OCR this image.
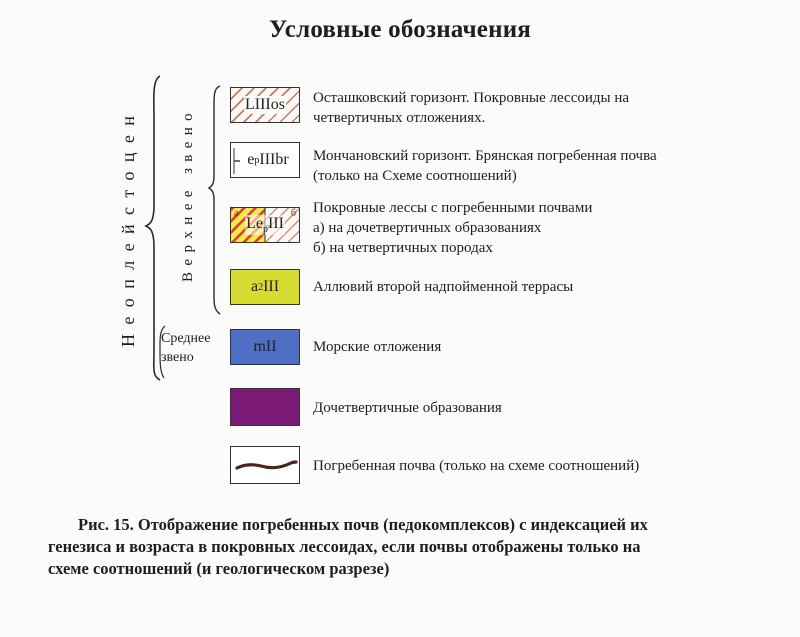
Условные обозначения
Неоплейстоцен	Верхнее звено
Среднее
звено
LIIIos Осташковский горизонт. Покровные лессоиды на
четвертичных отложениях.
e p IIIbr Мончановский горизонт. Брянская погребенная почва
(только на Схеме соотношений)
a	б
$Le_pIII$
Покровные лессы с погребенными почвами
а) на дочетвертичных образованиях
б) на четвертичных породах
a 2 III Аллювий второй надпойменной террасы
mII Морские отложения
Дочетвертичные образования
Погребенная почва (только на схеме соотношений)
Рис. 15. Отображение погребенных почв (педокомплексов) с индексацией их
генезиса и возраста в покровных лессоидах, если почвы отображены только на
схеме соотношений (и геологическом разрезе)
